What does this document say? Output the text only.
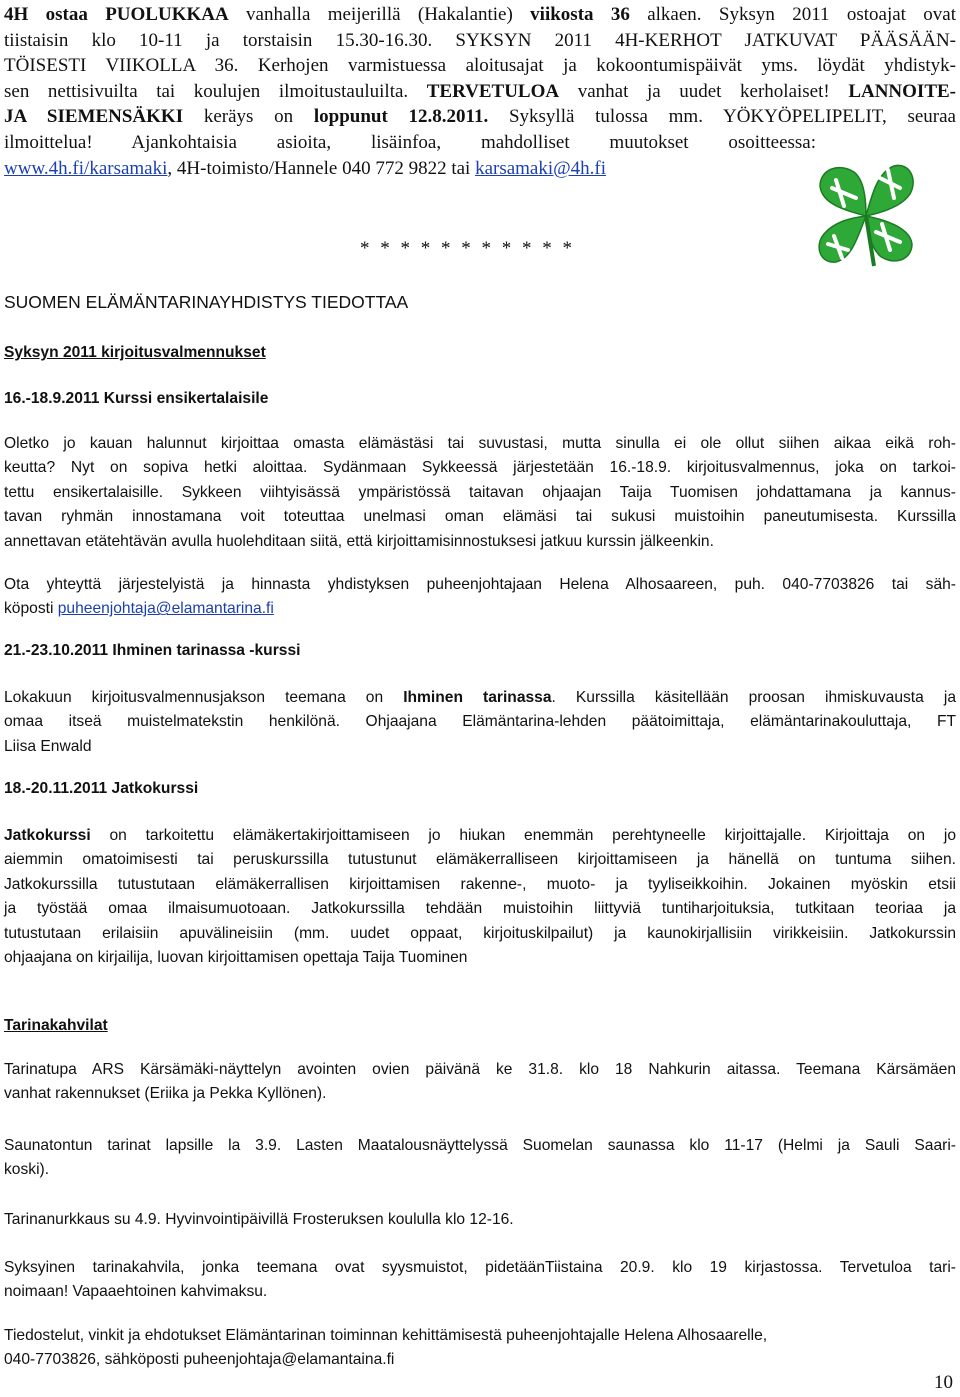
4H ostaa PUOLUKKAA vanhalla meijerillä (Hakalantie) viikosta 36 alkaen. Syksyn 2011 ostoajat ovat
tiistaisin klo 10-11 ja torstaisin 15.30-16.30. SYKSYN 2011 4H-KERHOT JATKUVAT PÄÄSÄÄN-
TÖISESTI VIIKOLLA 36. Kerhojen varmistuessa aloitusajat ja kokoontumispäivät yms. löydät yhdistyk-
sen nettisivuilta tai koulujen ilmoitustauluilta. TERVETULOA vanhat ja uudet kerholaiset! LANNOITE-
JA SIEMENSÄKKI keräys on loppunut 12.8.2011. Syksyllä tulossa mm. YÖKYÖPELIPELIT, seuraa
ilmoittelua! Ajankohtaisia asioita, lisäinfoa, mahdolliset muutokset osoitteessa:
www.4h.fi/karsamaki, 4H-toimisto/Hannele 040 772 9822 tai karsamaki@4h.fi
* * * * * * * * * * *
SUOMEN ELÄMÄNTARINAYHDISTYS TIEDOTTAA
Syksyn 2011 kirjoitusvalmennukset
16.-18.9.2011 Kurssi ensikertalaisile
Oletko jo kauan halunnut kirjoittaa omasta elämästäsi tai suvustasi, mutta sinulla ei ole ollut siihen aikaa eikä roh-
keutta? Nyt on sopiva hetki aloittaa. Sydänmaan Sykkeessä järjestetään 16.-18.9. kirjoitusvalmennus, joka on tarkoi-
tettu ensikertalaisille. Sykkeen viihtyisässä ympäristössä taitavan ohjaajan Taija Tuomisen johdattamana ja kannus-
tavan ryhmän innostamana voit toteuttaa unelmasi oman elämäsi tai sukusi muistoihin paneutumisesta. Kurssilla
annettavan etätehtävän avulla huolehditaan siitä, että kirjoittamisinnostuksesi jatkuu kurssin jälkeenkin.
Ota yhteyttä järjestelyistä ja hinnasta yhdistyksen puheenjohtajaan Helena Alhosaareen, puh. 040-7703826 tai säh-
köposti puheenjohtaja@elamantarina.fi
21.-23.10.2011 Ihminen tarinassa -kurssi
Lokakuun kirjoitusvalmennusjakson teemana on Ihminen tarinassa. Kurssilla käsitellään proosan ihmiskuvausta ja
omaa itseä muistelmatekstin henkilönä. Ohjaajana Elämäntarina-lehden päätoimittaja, elämäntarinakouluttaja, FT
Liisa Enwald
18.-20.11.2011 Jatkokurssi
Jatkokurssi on tarkoitettu elämäkertakirjoittamiseen jo hiukan enemmän perehtyneelle kirjoittajalle. Kirjoittaja on jo
aiemmin omatoimisesti tai peruskurssilla tutustunut elämäkerralliseen kirjoittamiseen ja hänellä on tuntuma siihen.
Jatkokurssilla tutustutaan elämäkerrallisen kirjoittamisen rakenne-, muoto- ja tyyliseikkoihin. Jokainen myöskin etsii
ja työstää omaa ilmaisumuotoaan. Jatkokurssilla tehdään muistoihin liittyviä tuntiharjoituksia, tutkitaan teoriaa ja
tutustutaan erilaisiin apuvälineisiin (mm. uudet oppaat, kirjoituskilpailut) ja kaunokirjallisiin virikkeisiin. Jatkokurssin
ohjaajana on kirjailija, luovan kirjoittamisen opettaja Taija Tuominen
Tarinakahvilat
Tarinatupa ARS Kärsämäki-näyttelyn avointen ovien päivänä ke 31.8. klo 18 Nahkurin aitassa. Teemana Kärsämäen
vanhat rakennukset (Eriika ja Pekka Kyllönen).
Saunatontun tarinat lapsille la 3.9. Lasten Maatalousnäyttelyssä Suomelan saunassa klo 11-17 (Helmi ja Sauli Saari-
koski).
Tarinanurkkaus su 4.9. Hyvinvointipäivillä Frosteruksen koululla klo 12-16.
Syksyinen tarinakahvila, jonka teemana ovat syysmuistot, pidetäänTiistaina 20.9. klo 19 kirjastossa. Tervetuloa tari-
noimaan! Vapaaehtoinen kahvimaksu.
Tiedostelut, vinkit ja ehdotukset Elämäntarinan toiminnan kehittämisestä puheenjohtajalle Helena Alhosaarelle,
040-7703826, sähköposti puheenjohtaja@elamantaina.fi
10
